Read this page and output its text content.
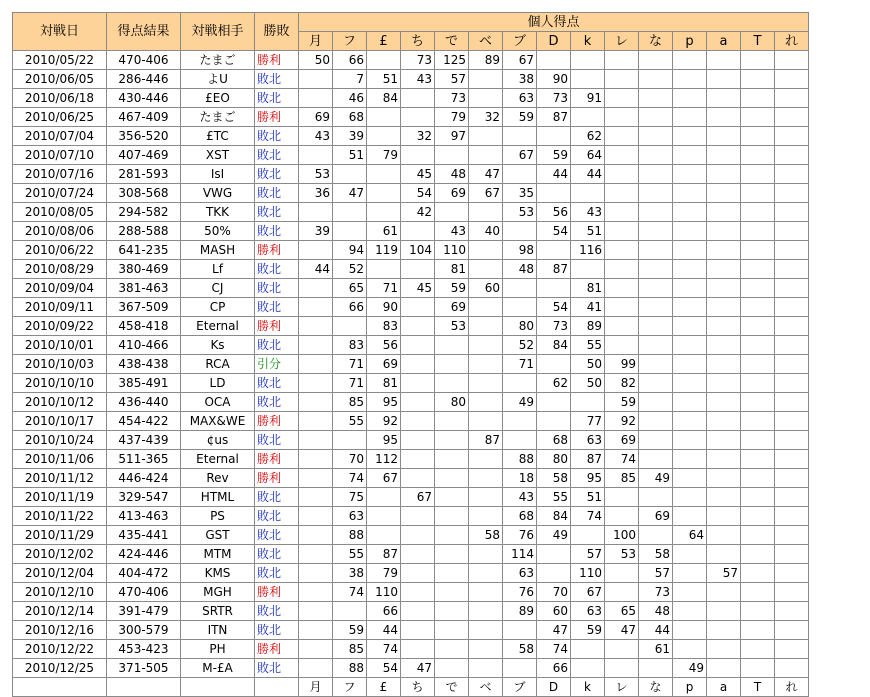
対戦日	得点結果	対戦相手	勝敗	個人得点														
				月	フ	£	ち	で	ベ	ブ	D	k	レ	な	p	a	T	れ
2010/05/22	470-406	たまご	勝利	50	66		73	125	89	67								
2010/06/05	286-446	よU	敗北		7	51	43	57		38	90							
2010/06/18	430-446	£EO	敗北		46	84		73		63	73	91						
2010/06/25	467-409	たまご	勝利	69	68			79	32	59	87							
2010/07/04	356-520	£TC	敗北	43	39		32	97				62						
2010/07/10	407-469	XST	敗北		51	79				67	59	64						
2010/07/16	281-593	IsI	敗北	53			45	48	47		44	44						
2010/07/24	308-568	VWG	敗北	36	47		54	69	67	35								
2010/08/05	294-582	TKK	敗北				42			53	56	43						
2010/08/06	288-588	50%	敗北	39		61		43	40		54	51						
2010/06/22	641-235	MASH	勝利		94	119	104	110		98		116						
2010/08/29	380-469	Lf	敗北	44	52			81		48	87							
2010/09/04	381-463	CJ	敗北		65	71	45	59	60			81						
2010/09/11	367-509	CP	敗北		66	90		69			54	41						
2010/09/22	458-418	Eternal	勝利			83		53		80	73	89						
2010/10/01	410-466	Ks	敗北		83	56				52	84	55						
2010/10/03	438-438	RCA	引分		71	69				71		50	99					
2010/10/10	385-491	LD	敗北		71	81					62	50	82					
2010/10/12	436-440	OCA	敗北		85	95		80		49			59					
2010/10/17	454-422	MAX&WE	勝利		55	92						77	92					
2010/10/24	437-439	¢us	敗北			95			87		68	63	69					
2010/11/06	511-365	Eternal	勝利		70	112				88	80	87	74					
2010/11/12	446-424	Rev	勝利		74	67				18	58	95	85	49				
2010/11/19	329-547	HTML	敗北		75		67			43	55	51						
2010/11/22	413-463	PS	敗北		63					68	84	74		69				
2010/11/29	435-441	GST	敗北		88				58	76	49		100		64			
2010/12/02	424-446	MTM	敗北		55	87				114		57	53	58				
2010/12/04	404-472	KMS	敗北		38	79				63		110		57		57		
2010/12/10	470-406	MGH	勝利		74	110				76	70	67		73				
2010/12/14	391-479	SRTR	敗北			66				89	60	63	65	48				
2010/12/16	300-579	ITN	敗北		59	44					47	59	47	44				
2010/12/22	453-423	PH	勝利		85	74				58	74			61				
2010/12/25	371-505	M-£A	敗北		88	54	47				66				49			
				月	フ	£	ち	で	ベ	ブ	D	k	レ	な	p	a	T	れ
